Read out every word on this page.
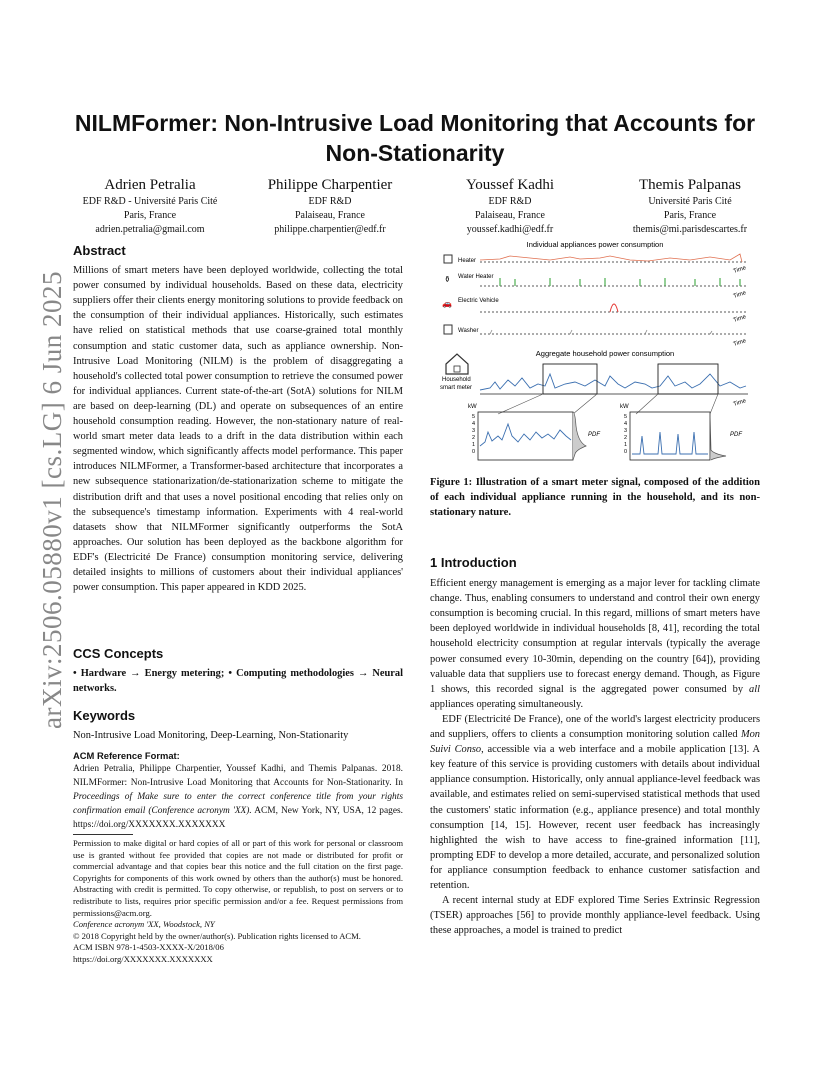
arXiv:2506.05880v1 [cs.LG] 6 Jun 2025
NILMFormer: Non-Intrusive Load Monitoring that Accounts for Non-Stationarity
Adrien Petralia
EDF R&D - Université Paris Cité
Paris, France
adrien.petralia@gmail.com
Philippe Charpentier
EDF R&D
Palaiseau, France
philippe.charpentier@edf.fr
Youssef Kadhi
EDF R&D
Palaiseau, France
youssef.kadhi@edf.fr
Themis Palpanas
Université Paris Cité
Paris, France
themis@mi.parisdescartes.fr
Abstract

Millions of smart meters have been deployed worldwide, collecting the total power consumed by individual households. Based on these data, electricity suppliers offer their clients energy monitoring solutions to provide feedback on the consumption of their individual appliances. Historically, such estimates have relied on statistical methods that use coarse-grained total monthly consumption and static customer data, such as appliance ownership. Non-Intrusive Load Monitoring (NILM) is the problem of disaggregating a household's collected total power consumption to retrieve the consumed power for individual appliances. Current state-of-the-art (SotA) solutions for NILM are based on deep-learning (DL) and operate on subsequences of an entire household consumption reading. However, the non-stationary nature of real-world smart meter data leads to a drift in the data distribution within each segmented window, which significantly affects model performance. This paper introduces NILMFormer, a Transformer-based architecture that incorporates a new subsequence stationarization/de-stationarization scheme to mitigate the distribution drift and that uses a novel positional encoding that relies only on the subsequence's timestamp information. Experiments with 4 real-world datasets show that NILMFormer significantly outperforms the SotA approaches. Our solution has been deployed as the backbone algorithm for EDF's (Electricité De France) consumption monitoring service, delivering detailed insights to millions of customers about their individual appliances' power consumption. This paper appeared in KDD 2025.

CCS Concepts

• Hardware → Energy metering; • Computing methodologies → Neural networks.

Keywords

Non-Intrusive Load Monitoring, Deep-Learning, Non-Stationarity

ACM Reference Format:

Adrien Petralia, Philippe Charpentier, Youssef Kadhi, and Themis Palpanas. 2018. NILMFormer: Non-Intrusive Load Monitoring that Accounts for Non-Stationarity. In Proceedings of Make sure to enter the correct conference title from your rights confirmation email (Conference acronym 'XX). ACM, New York, NY, USA, 12 pages. https://doi.org/XXXXXXX.XXXXXXX

Permission to make digital or hard copies of all or part of this work for personal or classroom use is granted without fee provided that copies are not made or distributed for profit or commercial advantage and that copies bear this notice and the full citation on the first page. Copyrights for components of this work owned by others than the author(s) must be honored. Abstracting with credit is permitted. To copy otherwise, or republish, to post on servers or to redistribute to lists, requires prior specific permission and/or a fee. Request permissions from permissions@acm.org.

Conference acronym 'XX, Woodstock, NY

© 2018 Copyright held by the owner/author(s). Publication rights licensed to ACM.

ACM ISBN 978-1-4503-XXXX-X/2018/06

https://doi.org/XXXXXXX.XXXXXXX

Individual appliances power consumption
Heater
Time
⚱ Water Heater
Time
🚗 Electric Vehicle
Time
Washer
Time
Aggregate household power consumption
Household
smart meter
Time
kW
5
4
3
2
1
0
PDF
kW
5
4
3
2
1
0
PDF
Figure 1: Illustration of a smart meter signal, composed of the addition of each individual appliance running in the household, and its non-stationary nature.
1 Introduction

Efficient energy management is emerging as a major lever for tackling climate change. Thus, enabling consumers to understand and control their own energy consumption is becoming crucial. In this regard, millions of smart meters have been deployed worldwide in individual households [8, 41], recording the total household electricity consumption at regular intervals (typically the average power consumed every 10-30min, depending on the country [64]), providing valuable data that suppliers use to forecast energy demand. Though, as Figure 1 shows, this recorded signal is the aggregated power consumed by all appliances operating simultaneously.

EDF (Electricité De France), one of the world's largest electricity producers and suppliers, offers to clients a consumption monitoring solution called Mon Suivi Conso, accessible via a web interface and a mobile application [13]. A key feature of this service is providing customers with details about individual appliance consumption. Historically, only annual appliance-level feedback was available, and estimates relied on semi-supervised statistical methods that used the customers' static information (e.g., appliance presence) and total monthly consumption [14, 15]. However, recent user feedback has increasingly highlighted the wish to have access to fine-grained information [11], prompting EDF to develop a more detailed, accurate, and personalized solution for appliance consumption feedback to enhance customer satisfaction and retention.

A recent internal study at EDF explored Time Series Extrinsic Regression (TSER) approaches [56] to provide monthly appliance-level feedback. Using these approaches, a model is trained to predict
